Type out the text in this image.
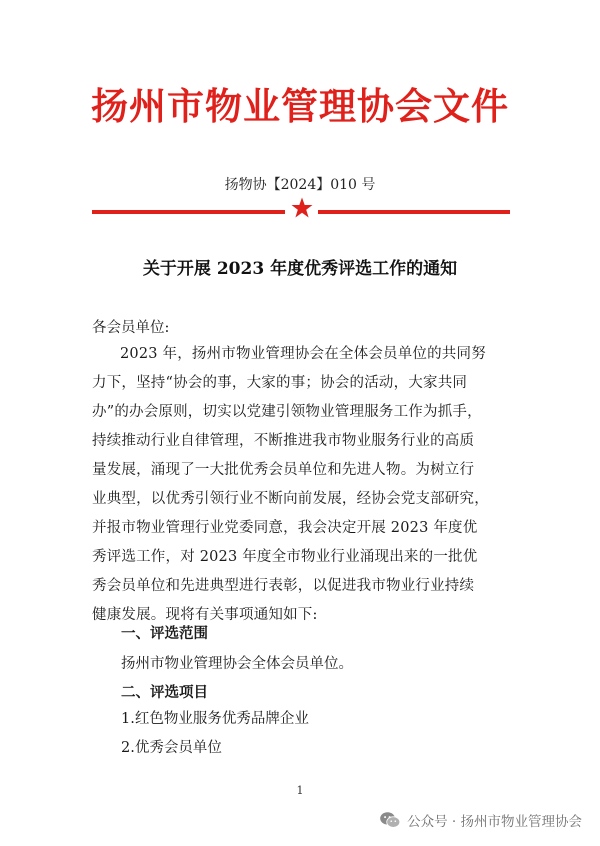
扬州市物业管理协会文件
扬物协【2024】010 号
关于开展 2023 年度优秀评选工作的通知
各会员单位:
2023 年，扬州市物业管理协会在全体会员单位的共同努
力下，坚持“协会的事，大家的事；协会的活动，大家共同
办”的办会原则，切实以党建引领物业管理服务工作为抓手，
持续推动行业自律管理，不断推进我市物业服务行业的高质
量发展，涌现了一大批优秀会员单位和先进人物。为树立行
业典型，以优秀引领行业不断向前发展，经协会党支部研究，
并报市物业管理行业党委同意，我会决定开展 2023 年度优
秀评选工作，对 2023 年度全市物业行业涌现出来的一批优
秀会员单位和先进典型进行表彰，以促进我市物业行业持续
健康发展。现将有关事项通知如下:
一、评选范围
扬州市物业管理协会全体会员单位。
二、评选项目
1.红色物业服务优秀品牌企业
2.优秀会员单位
1
公众号 · 扬州市物业管理协会
